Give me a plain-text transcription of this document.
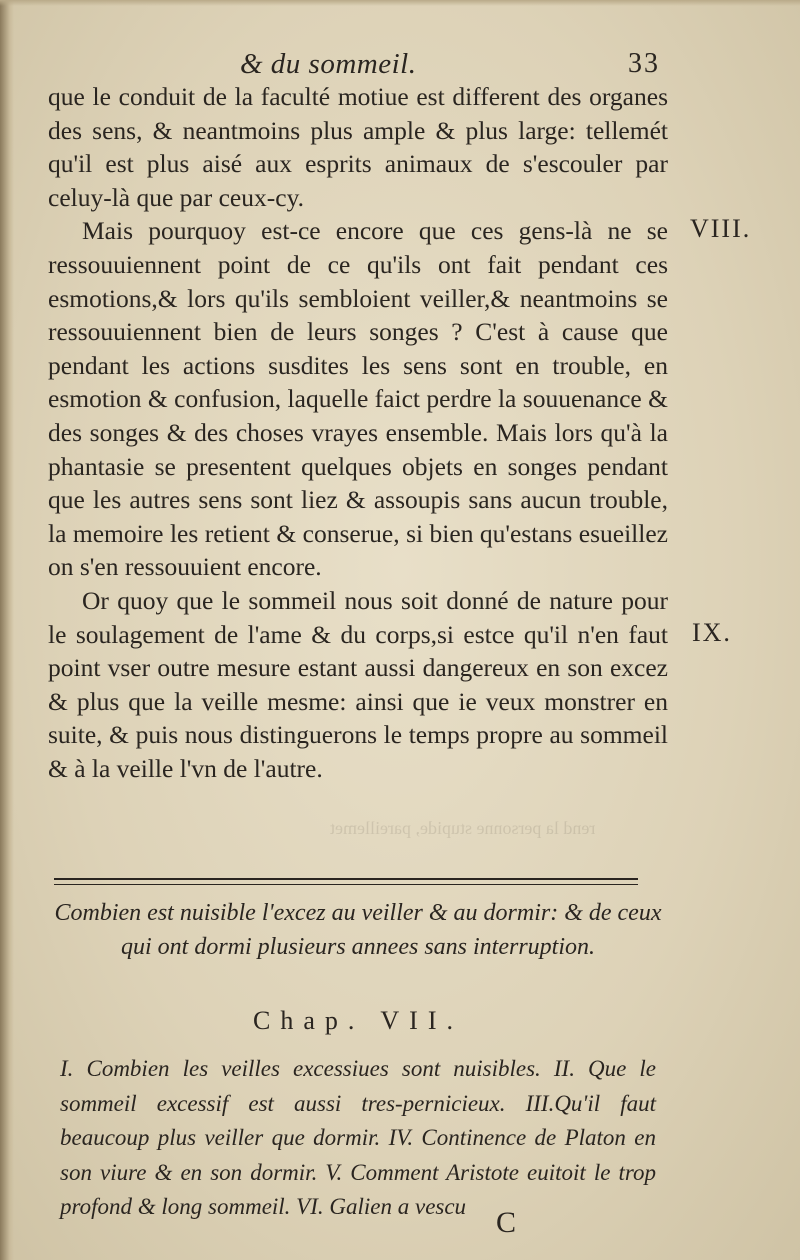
rend la personne stupide, pareillemet
& du sommeil.	33

que le conduit de la faculté motiue est different des organes des sens, & neantmoins plus ample & plus large: tellemét qu'il est plus aisé aux esprits animaux de s'escouler par celuy-là que par ceux-cy.

Mais pourquoy est-ce encore que ces gens-là ne se ressouuiennent point de ce qu'ils ont fait pendant ces esmotions,& lors qu'ils sembloient veiller,& neantmoins se ressouuiennent bien de leurs songes ? C'est à cause que pendant les actions susdites les sens sont en trouble, en esmotion & confusion, laquelle faict perdre la souuenance & des songes & des choses vrayes ensemble. Mais lors qu'à la phantasie se presentent quelques objets en songes pendant que les autres sens sont liez & assoupis sans aucun trouble, la memoire les retient & conserue, si bien qu'estans esueillez on s'en ressouuient encore.

Or quoy que le sommeil nous soit donné de nature pour le soulagement de l'ame & du corps,si estce qu'il n'en faut point vser outre mesure estant aussi dangereux en son excez & plus que la veille mesme: ainsi que ie veux monstrer en suite, & puis nous distinguerons le temps propre au sommeil & à la veille l'vn de l'autre.

VIII.
IX.
Combien est nuisible l'excez au veiller & au dormir: & de ceux qui ont dormi plusieurs annees sans interruption.
Chap. VII.
I. Combien les veilles excessiues sont nuisibles. II. Que le sommeil excessif est aussi tres-pernicieux. III.Qu'il faut beaucoup plus veiller que dormir. IV. Continence de Platon en son viure & en son dormir. V. Comment Aristote euitoit le trop profond & long sommeil. VI. Galien a vescu C
